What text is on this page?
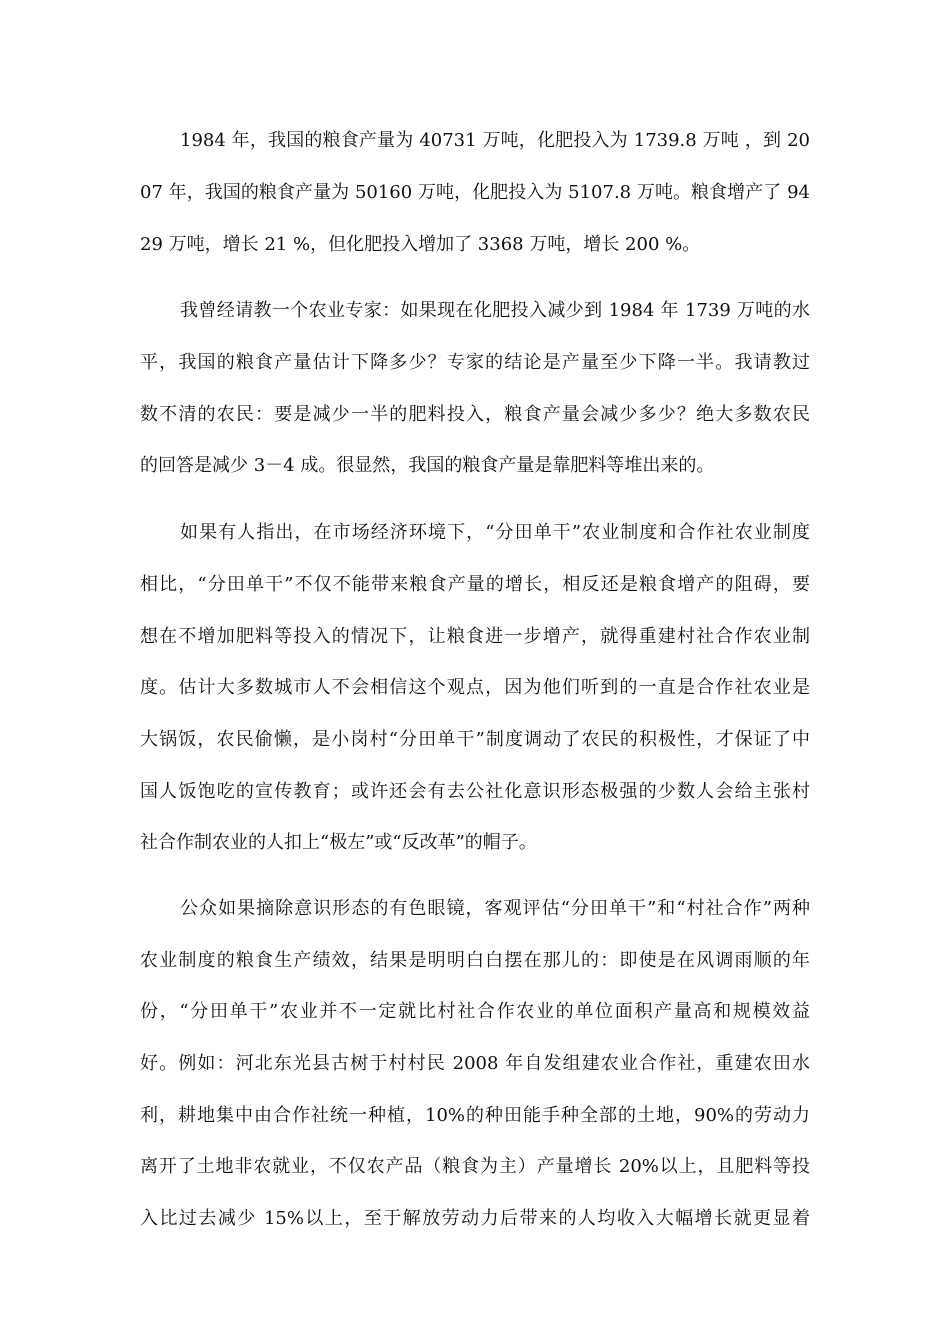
1984 年，我国的粮食产量为 40731 万吨，化肥投入为 1739.8 万吨 ，到 20
07 年，我国的粮食产量为 50160 万吨，化肥投入为 5107.8 万吨。粮食增产了 94
29 万吨，增长 21 %，但化肥投入增加了 3368 万吨，增长 200 %。
我曾经请教一个农业专家：如果现在化肥投入减少到 1984 年 1739 万吨的水
平，我国的粮食产量估计下降多少？专家的结论是产量至少下降一半。我请教过
数不清的农民：要是减少一半的肥料投入，粮食产量会减少多少？绝大多数农民
的回答是减少 3－4 成。很显然，我国的粮食产量是靠肥料等堆出来的。
如果有人指出，在市场经济环境下，“分田单干”农业制度和合作社农业制度
相比，“分田单干”不仅不能带来粮食产量的增长，相反还是粮食增产的阻碍，要
想在不增加肥料等投入的情况下，让粮食进一步增产，就得重建村社合作农业制
度。估计大多数城市人不会相信这个观点，因为他们听到的一直是合作社农业是
大锅饭，农民偷懒，是小岗村“分田单干”制度调动了农民的积极性，才保证了中
国人饭饱吃的宣传教育；或许还会有去公社化意识形态极强的少数人会给主张村
社合作制农业的人扣上“极左”或“反改革”的帽子。
公众如果摘除意识形态的有色眼镜，客观评估“分田单干”和“村社合作”两种
农业制度的粮食生产绩效，结果是明明白白摆在那儿的：即使是在风调雨顺的年
份，“分田单干”农业并不一定就比村社合作农业的单位面积产量高和规模效益
好。例如：河北东光县古树于村村民 2008 年自发组建农业合作社，重建农田水
利，耕地集中由合作社统一种植，10%的种田能手种全部的土地，90%的劳动力
离开了土地非农就业，不仅农产品（粮食为主）产量增长 20%以上，且肥料等投
入比过去减少 15%以上，至于解放劳动力后带来的人均收入大幅增长就更显着
